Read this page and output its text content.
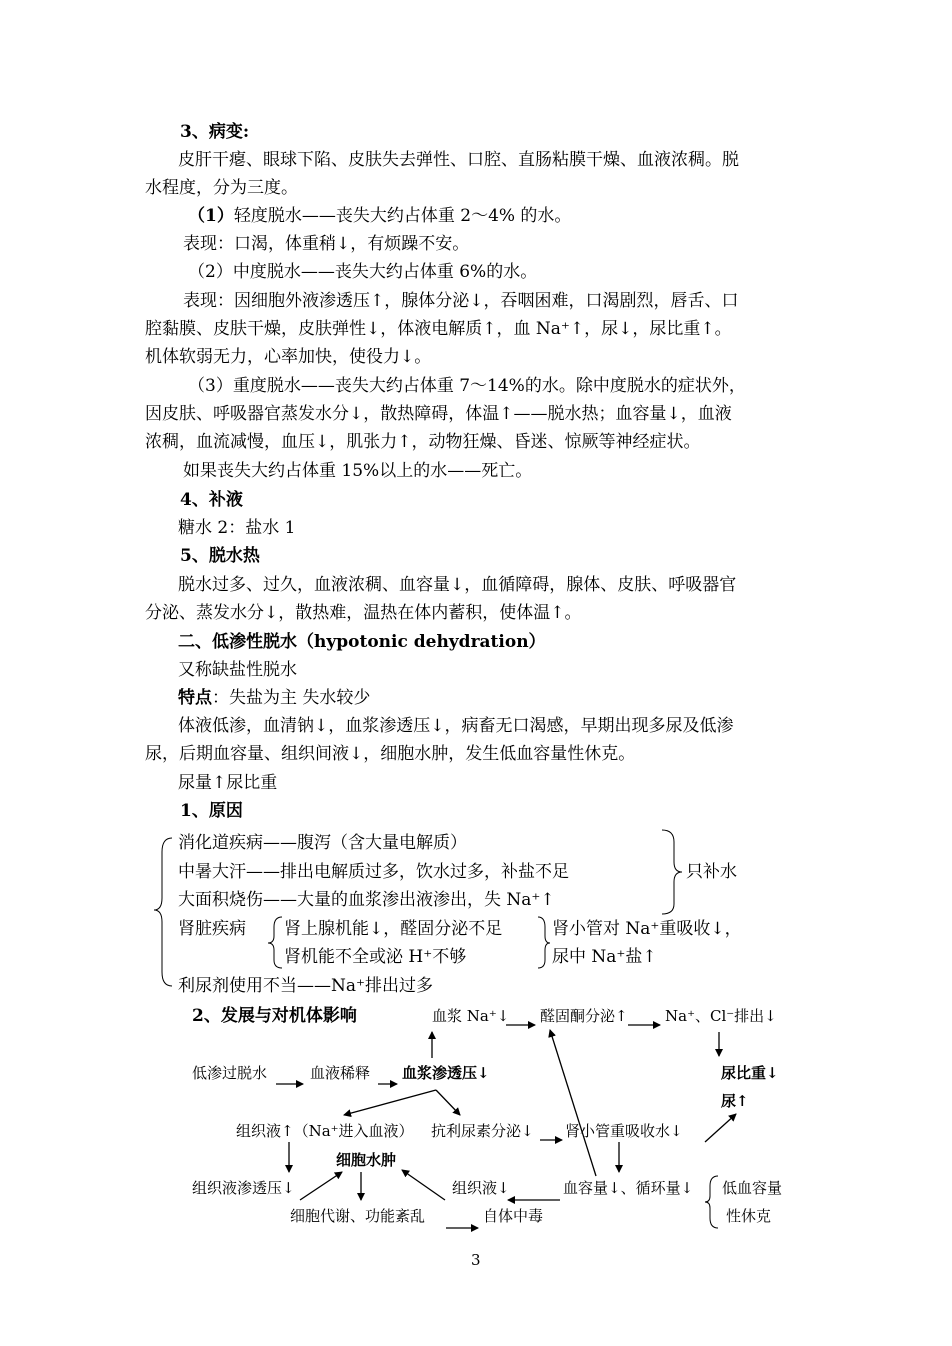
3、病变:
皮肝干瘪、眼球下陷、皮肤失去弹性、口腔、直肠粘膜干燥、血液浓稠。脱
水程度，分为三度。
（1）轻度脱水——丧失大约占体重 2～4% 的水。
表现：口渴，体重稍↓，有烦躁不安。
（2）中度脱水——丧失大约占体重 6%的水。
表现：因细胞外液渗透压↑，腺体分泌↓，吞咽困难，口渴剧烈，唇舌、口
腔黏膜、皮肤干燥，皮肤弹性↓，体液电解质↑，血 Na⁺↑，尿↓，尿比重↑。
机体软弱无力，心率加快，使役力↓。
（3）重度脱水——丧失大约占体重 7～14%的水。除中度脱水的症状外，
因皮肤、呼吸器官蒸发水分↓，散热障碍，体温↑——脱水热；血容量↓，血液
浓稠，血流减慢，血压↓，肌张力↑，动物狂燥、昏迷、惊厥等神经症状。
如果丧失大约占体重 15%以上的水——死亡。
4、补液
糖水 2：盐水 1
5、脱水热
脱水过多、过久，血液浓稠、血容量↓，血循障碍，腺体、皮肤、呼吸器官
分泌、蒸发水分↓，散热难，温热在体内蓄积，使体温↑。
二、低渗性脱水（hypotonic dehydration）
又称缺盐性脱水
特点：失盐为主 失水较少
体液低渗，血清钠↓，血浆渗透压↓，病畜无口渴感，早期出现多尿及低渗
尿，后期血容量、组织间液↓，细胞水肿，发生低血容量性休克。
尿量↑尿比重
1、原因
消化道疾病——腹泻（含大量电解质）
中暑大汗——排出电解质过多，饮水过多，补盐不足
大面积烧伤——大量的血浆渗出液渗出，失 Na⁺↑
只补水
肾脏疾病 肾上腺机能↓，醛固分泌不足
肾机能不全或泌 H⁺不够
肾小管对 Na⁺重吸收↓，
尿中 Na⁺盐↑
利尿剂使用不当——Na⁺排出过多
2、发展与对机体影响	血浆 Na⁺↓ 醛固酮分泌↑ Na⁺、Cl⁻排出↓
低渗过脱水	血液稀释 血浆渗透压↓	尿比重↓
尿↑
组织液↑（Na⁺进入血液） 抗利尿素分泌↓ 肾小管重吸收水↓
细胞水肿
组织液渗透压↓	组织液↓	血容量↓、循环量↓ 低血容量
性休克
细胞代谢、功能紊乱	自体中毒
3
